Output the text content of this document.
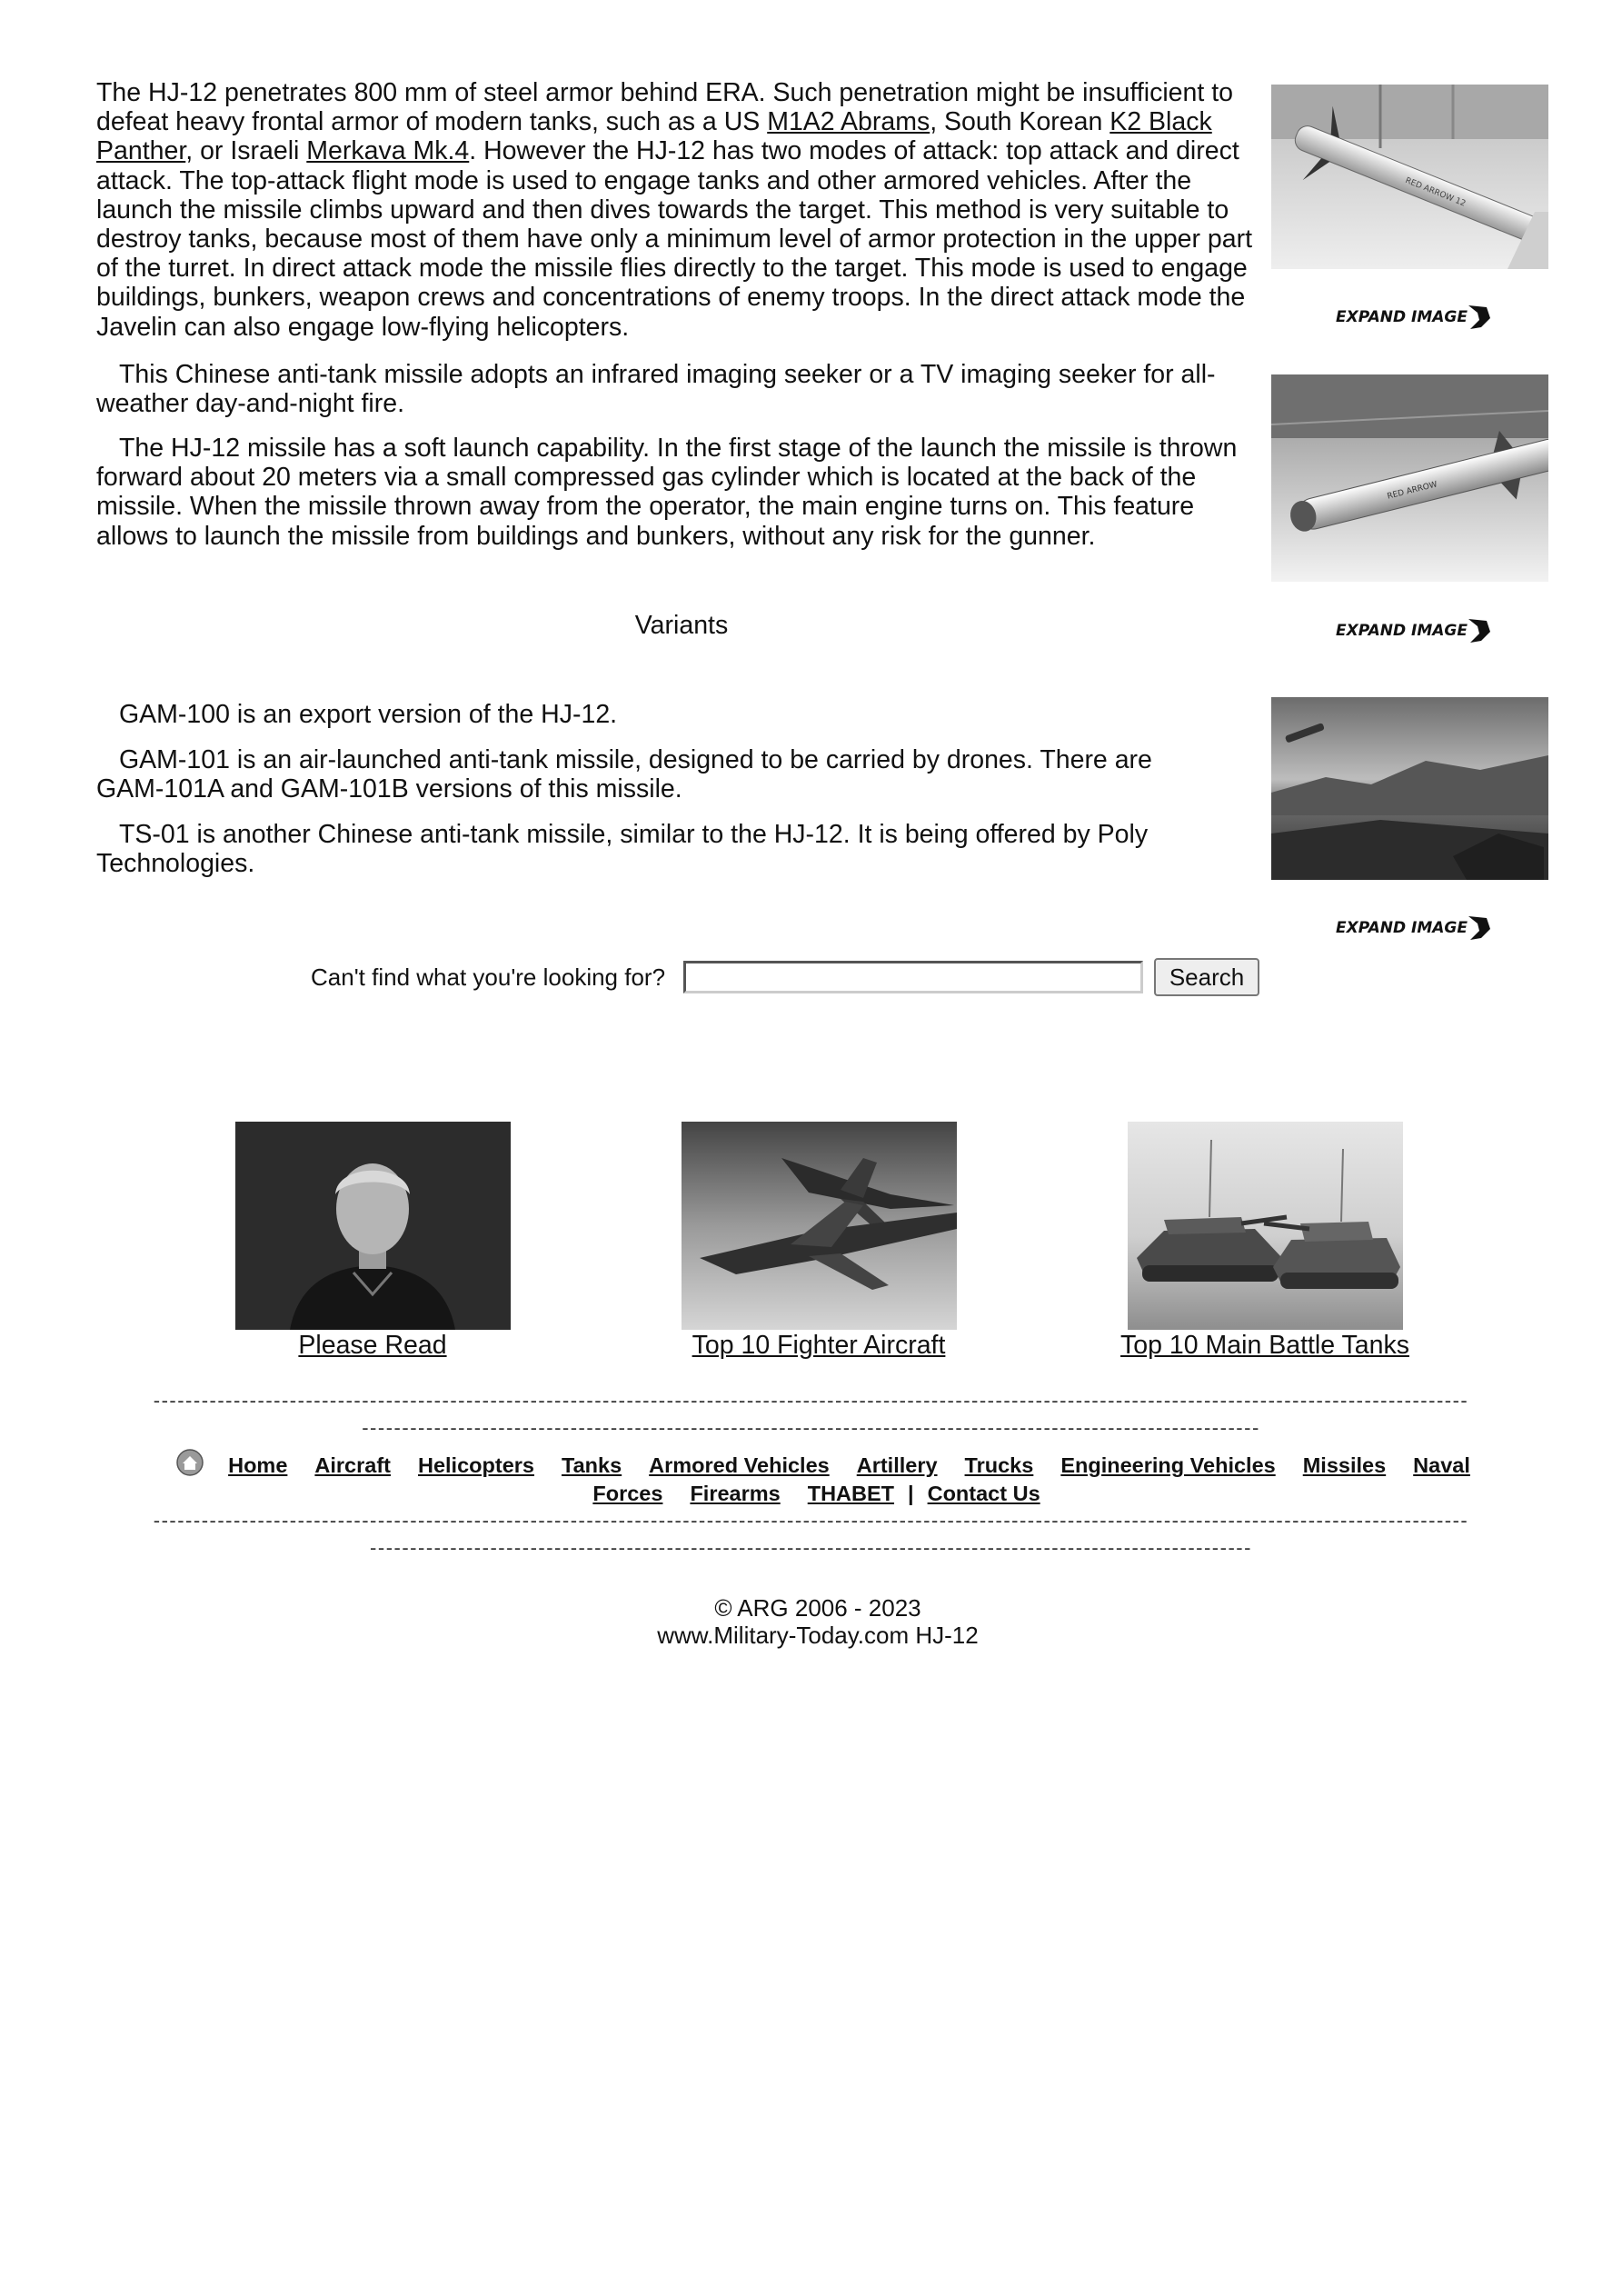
The HJ-12 penetrates 800 mm of steel armor behind ERA. Such penetration might be insufficient to defeat heavy frontal armor of modern tanks, such as a US M1A2 Abrams, South Korean K2 Black Panther, or Israeli Merkava Mk.4. However the HJ-12 has two modes of attack: top attack and direct attack. The top-attack flight mode is used to engage tanks and other armored vehicles. After the launch the missile climbs upward and then dives towards the target. This method is very suitable to destroy tanks, because most of them have only a minimum level of armor protection in the upper part of the turret. In direct attack mode the missile flies directly to the target. This mode is used to engage buildings, bunkers, weapon crews and concentrations of enemy troops. In the direct attack mode the Javelin can also engage low-flying helicopters.

This Chinese anti-tank missile adopts an infrared imaging seeker or a TV imaging seeker for all-weather day-and-night fire.

The HJ-12 missile has a soft launch capability. In the first stage of the launch the missile is thrown forward about 20 meters via a small compressed gas cylinder which is located at the back of the missile. When the missile thrown away from the operator, the main engine turns on. This feature allows to launch the missile from buildings and bunkers, without any risk for the gunner.

Variants

GAM-100 is an export version of the HJ-12.

GAM-101 is an air-launched anti-tank missile, designed to be carried by drones. There are GAM-101A and GAM-101B versions of this missile.

TS-01 is another Chinese anti-tank missile, similar to the HJ-12. It is being offered by Poly Technologies.

RED ARROW 12
EXPAND IMAGE
RED ARROW
EXPAND IMAGE
EXPAND IMAGE
Can't find what you're looking for?	Search
Please Read	Top 10 Fighter Aircraft	Top 10 Main Battle Tanks
--------------------------------------------------------------------------------------------------------------------------------------------------------------------
----------------------------------------------------------------------------------------------------------------
Home Aircraft Helicopters Tanks Armored Vehicles Artillery Trucks Engineering Vehicles Missiles Naval Forces Firearms THABET | Contact Us
--------------------------------------------------------------------------------------------------------------------------------------------------------------------
--------------------------------------------------------------------------------------------------------------
© ARG 2006 - 2023
www.Military-Today.com HJ-12
